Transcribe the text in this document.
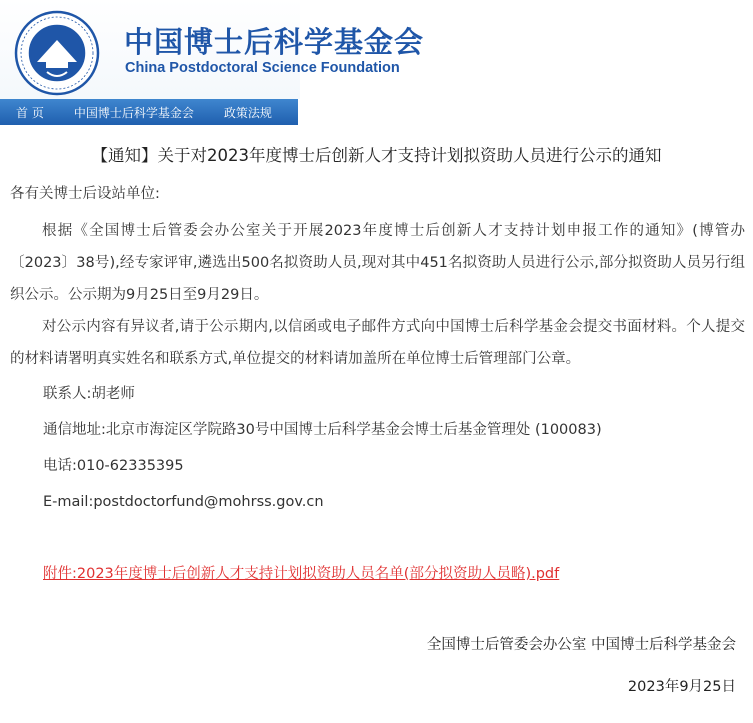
中国博士后科学基金会
China Postdoctoral Science Foundation
首 页	中国博士后科学基金会	政策法规
【通知】关于对2023年度博士后创新人才支持计划拟资助人员进行公示的通知
各有关博士后设站单位:
根据《全国博士后管委会办公室关于开展2023年度博士后创新人才支持计划申报工作的通知》(博管办〔2023〕38号),经专家评审,遴选出500名拟资助人员,现对其中451名拟资助人员进行公示,部分拟资助人员另行组织公示。公示期为9月25日至9月29日。
对公示内容有异议者,请于公示期内,以信函或电子邮件方式向中国博士后科学基金会提交书面材料。个人提交的材料请署明真实姓名和联系方式,单位提交的材料请加盖所在单位博士后管理部门公章。
联系人:胡老师
通信地址:北京市海淀区学院路30号中国博士后科学基金会博士后基金管理处 (100083)
电话:010-62335395
E-mail:postdoctorfund@mohrss.gov.cn
附件:2023年度博士后创新人才支持计划拟资助人员名单(部分拟资助人员略).pdf
全国博士后管委会办公室 中国博士后科学基金会
2023年9月25日
